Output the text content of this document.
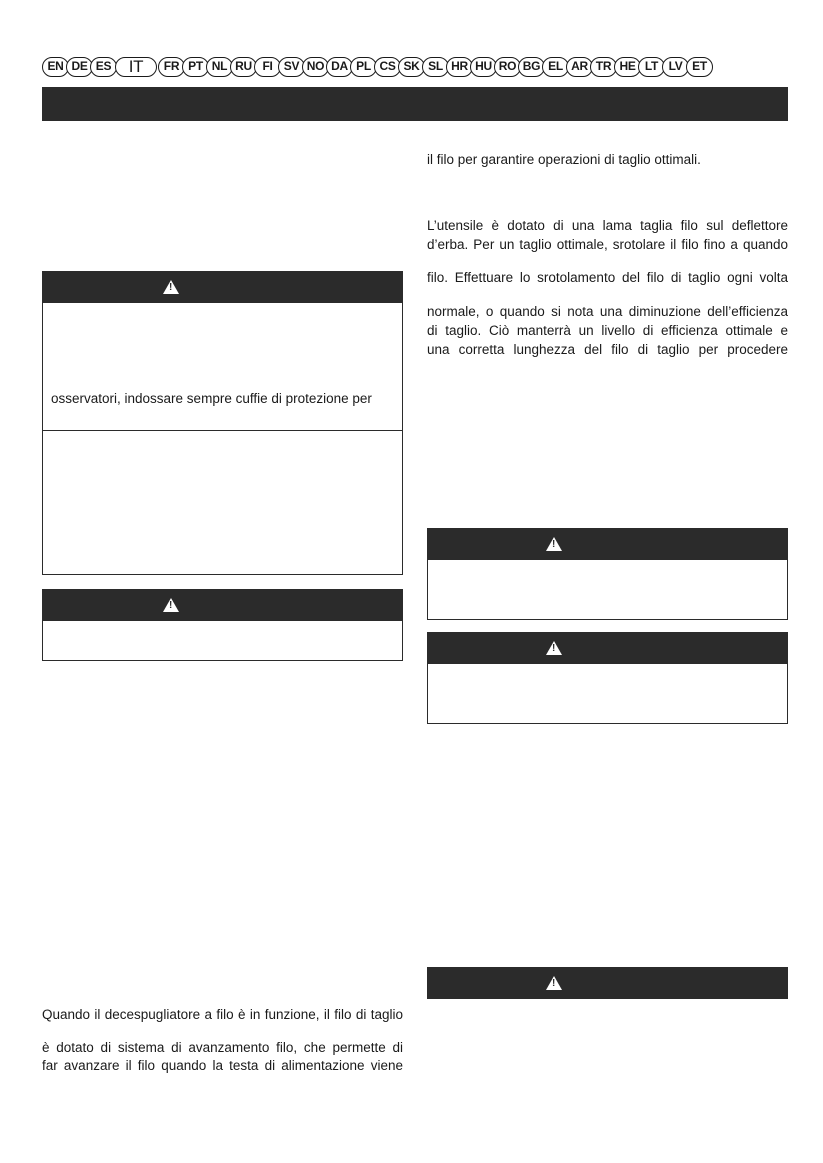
EN DE ES	IT	FR PT NL RU FI SV NO DA PL CS SK SL HR HU RO BG EL AR TR HE LT LV ET
!
osservatori, indossare sempre cuffie di protezione per
!
Quando il decespugliatore a filo è in funzione, il filo di taglio
è dotato di sistema di avanzamento filo, che permette di
far avanzare il filo quando la testa di alimentazione viene
il filo per garantire operazioni di taglio ottimali.
L’utensile è dotato di una lama taglia filo sul deflettore
d’erba. Per un taglio ottimale, srotolare il filo fino a quando
filo. Effettuare lo srotolamento del filo di taglio ogni volta
normale, o quando si nota una diminuzione dell’efficienza
di taglio. Ciò manterrà un livello di efficienza ottimale e
una corretta lunghezza del filo di taglio per procedere
!
!
!
